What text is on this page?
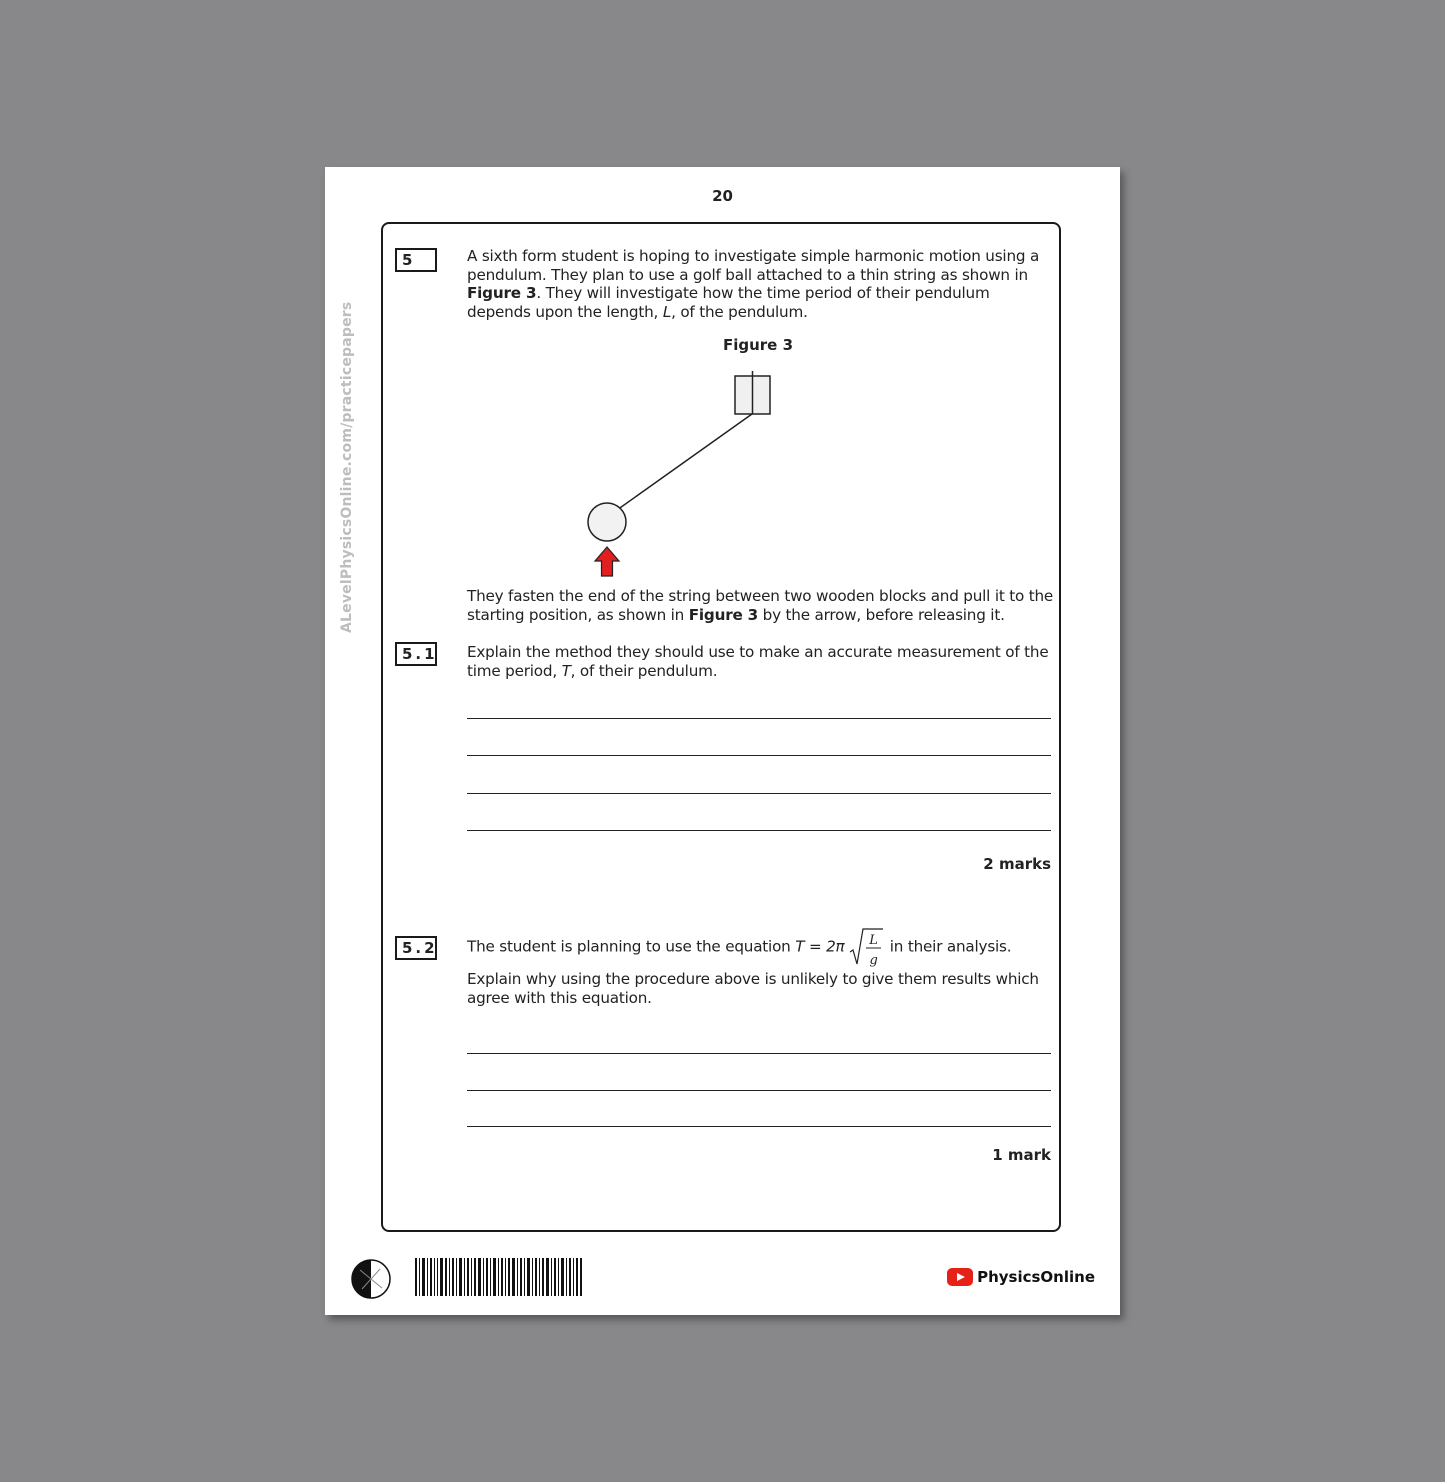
20
ALevelPhysicsOnline.com/practicepapers
5	A sixth form student is hoping to investigate simple harmonic motion using a pendulum. They plan to use a golf ball attached to a thin string as shown in Figure 3. They will investigate how the time period of their pendulum depends upon the length, L, of the pendulum.

Figure 3

They fasten the end of the string between two wooden blocks and pull it to the starting position, as shown in Figure 3 by the arrow, before releasing it.

5.1 Explain the method they should use to make an accurate measurement of the time period, T, of their pendulum.

2 marks
5.2 The student is planning to use the equation T = 2π L
g
in their analysis.

Explain why using the procedure above is unlikely to give them results which agree with this equation.

1 mark
PhysicsOnline
